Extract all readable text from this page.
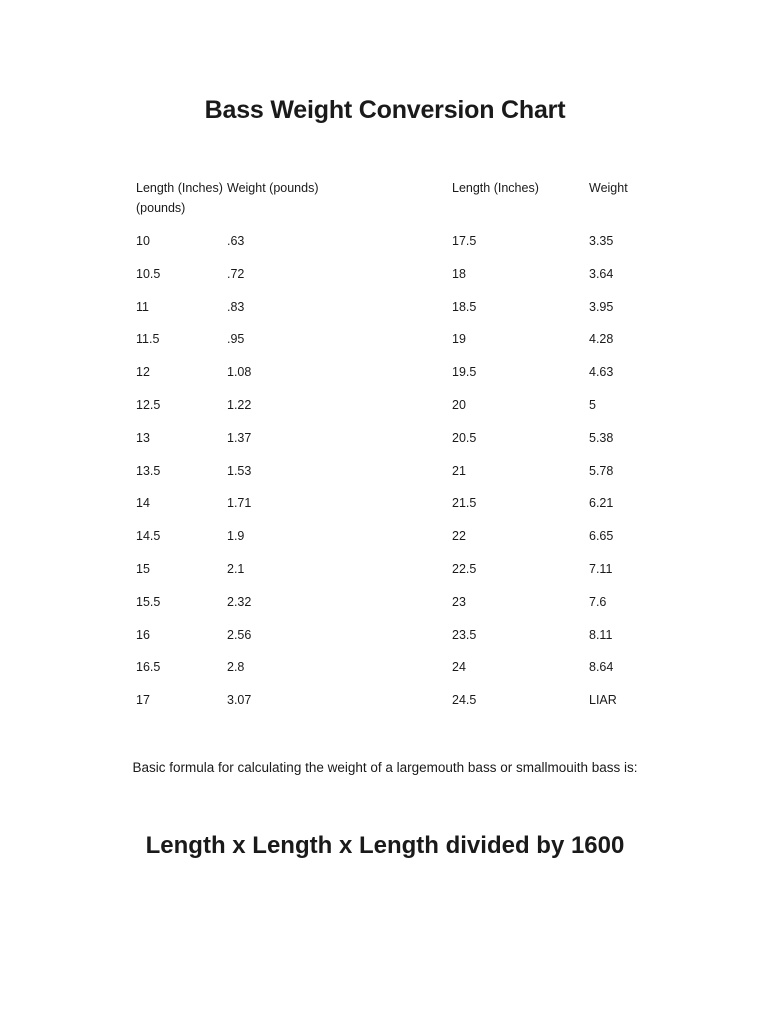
Bass Weight Conversion Chart
Length (Inches) Weight (pounds)
(pounds)
Length (Inches)	Weight
10	.63	17.5	3.35
10.5	.72	18	3.64
11	.83	18.5	3.95
11.5	.95	19	4.28
12	1.08	19.5	4.63
12.5	1.22	20	5
13	1.37	20.5	5.38
13.5	1.53	21	5.78
14	1.71	21.5	6.21
14.5	1.9	22	6.65
15	2.1	22.5	7.11
15.5	2.32	23	7.6
16	2.56	23.5	8.11
16.5	2.8	24	8.64
17	3.07	24.5	LIAR
Basic formula for calculating the weight of a largemouth bass or smallmouith bass is:
Length x Length x Length divided by 1600
